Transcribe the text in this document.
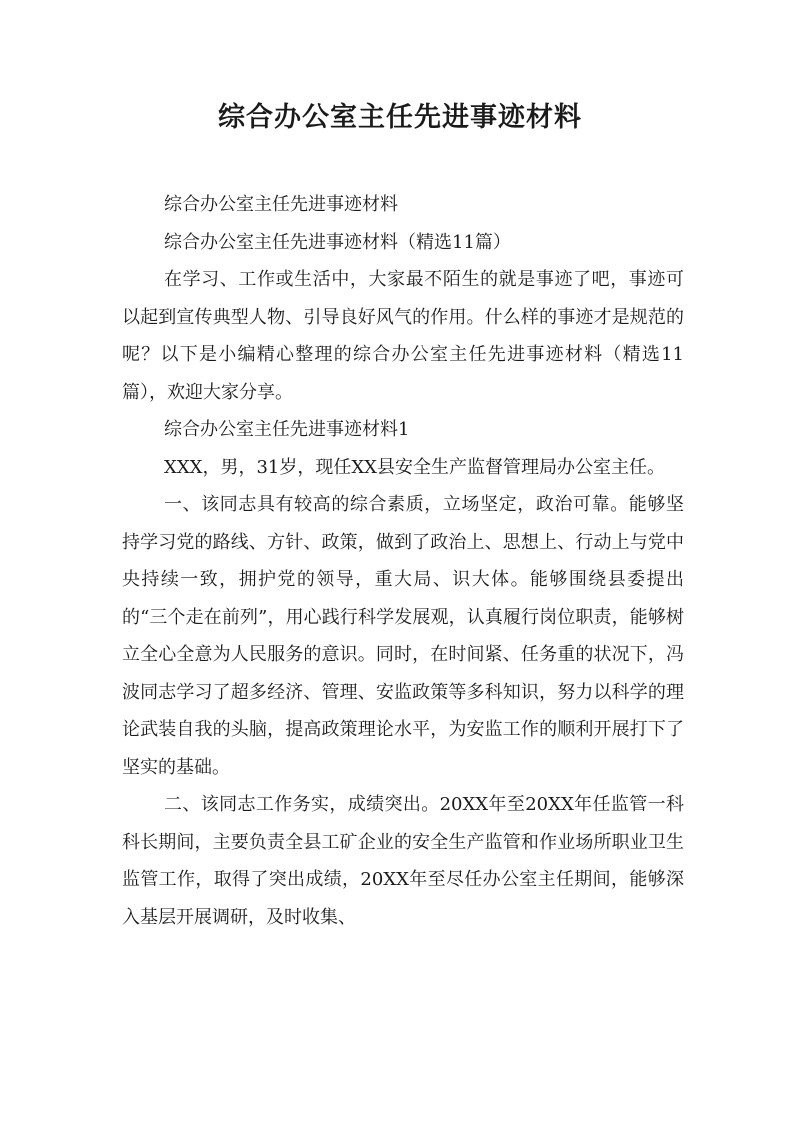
综合办公室主任先进事迹材料

综合办公室主任先进事迹材料

综合办公室主任先进事迹材料（精选11篇）

在学习、工作或生活中，大家最不陌生的就是事迹了吧，事迹可以起到宣传典型人物、引导良好风气的作用。什么样的事迹才是规范的呢？以下是小编精心整理的综合办公室主任先进事迹材料（精选11篇），欢迎大家分享。

综合办公室主任先进事迹材料1

XXX，男，31岁，现任XX县安全生产监督管理局办公室主任。

一、该同志具有较高的综合素质，立场坚定，政治可靠。能够坚持学习党的路线、方针、政策，做到了政治上、思想上、行动上与党中央持续一致，拥护党的领导，重大局、识大体。能够围绕县委提出的“三个走在前列”，用心践行科学发展观，认真履行岗位职责，能够树立全心全意为人民服务的意识。同时，在时间紧、任务重的状况下，冯波同志学习了超多经济、管理、安监政策等多科知识，努力以科学的理论武装自我的头脑，提高政策理论水平，为安监工作的顺利开展打下了坚实的基础。

二、该同志工作务实，成绩突出。20XX年至20XX年任监管一科科长期间，主要负责全县工矿企业的安全生产监管和作业场所职业卫生监管工作，取得了突出成绩，20XX年至尽任办公室主任期间，能够深入基层开展调研，及时收集、
